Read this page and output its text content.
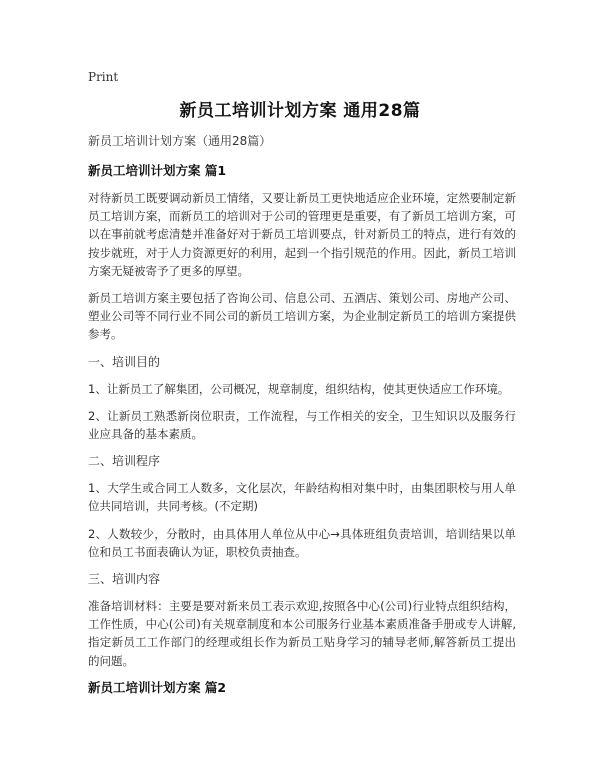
Print
新员工培训计划方案 通用28篇
新员工培训计划方案（通用28篇）
新员工培训计划方案 篇1
对待新员工既要调动新员工情绪，又要让新员工更快地适应企业环境，定然要制定新员工培训方案，而新员工的培训对于公司的管理更是重要，有了新员工培训方案，可以在事前就考虑清楚并准备好对于新员工培训要点，针对新员工的特点，进行有效的按步就班，对于人力资源更好的利用，起到一个指引规范的作用。因此，新员工培训方案无疑被寄予了更多的厚望。
新员工培训方案主要包括了咨询公司、信息公司、五酒店、策划公司、房地产公司、塑业公司等不同行业不同公司的新员工培训方案，为企业制定新员工的培训方案提供参考。
一、培训目的
1、让新员工了解集团，公司概况，规章制度，组织结构，使其更快适应工作环境。
2、让新员工熟悉新岗位职责，工作流程，与工作相关的安全，卫生知识以及服务行业应具备的基本素质。
二、培训程序
1、大学生或合同工人数多，文化层次，年龄结构相对集中时，由集团职校与用人单位共同培训，共同考核。(不定期)
2、人数较少，分散时，由具体用人单位从中心→具体班组负责培训，培训结果以单位和员工书面表确认为证，职校负责抽查。
三、培训内容
准备培训材料：主要是要对新来员工表示欢迎,按照各中心(公司)行业特点组织结构，工作性质，中心(公司)有关规章制度和本公司服务行业基本素质准备手册或专人讲解,指定新员工工作部门的经理或组长作为新员工贴身学习的辅导老师,解答新员工提出的问题。
新员工培训计划方案 篇2
